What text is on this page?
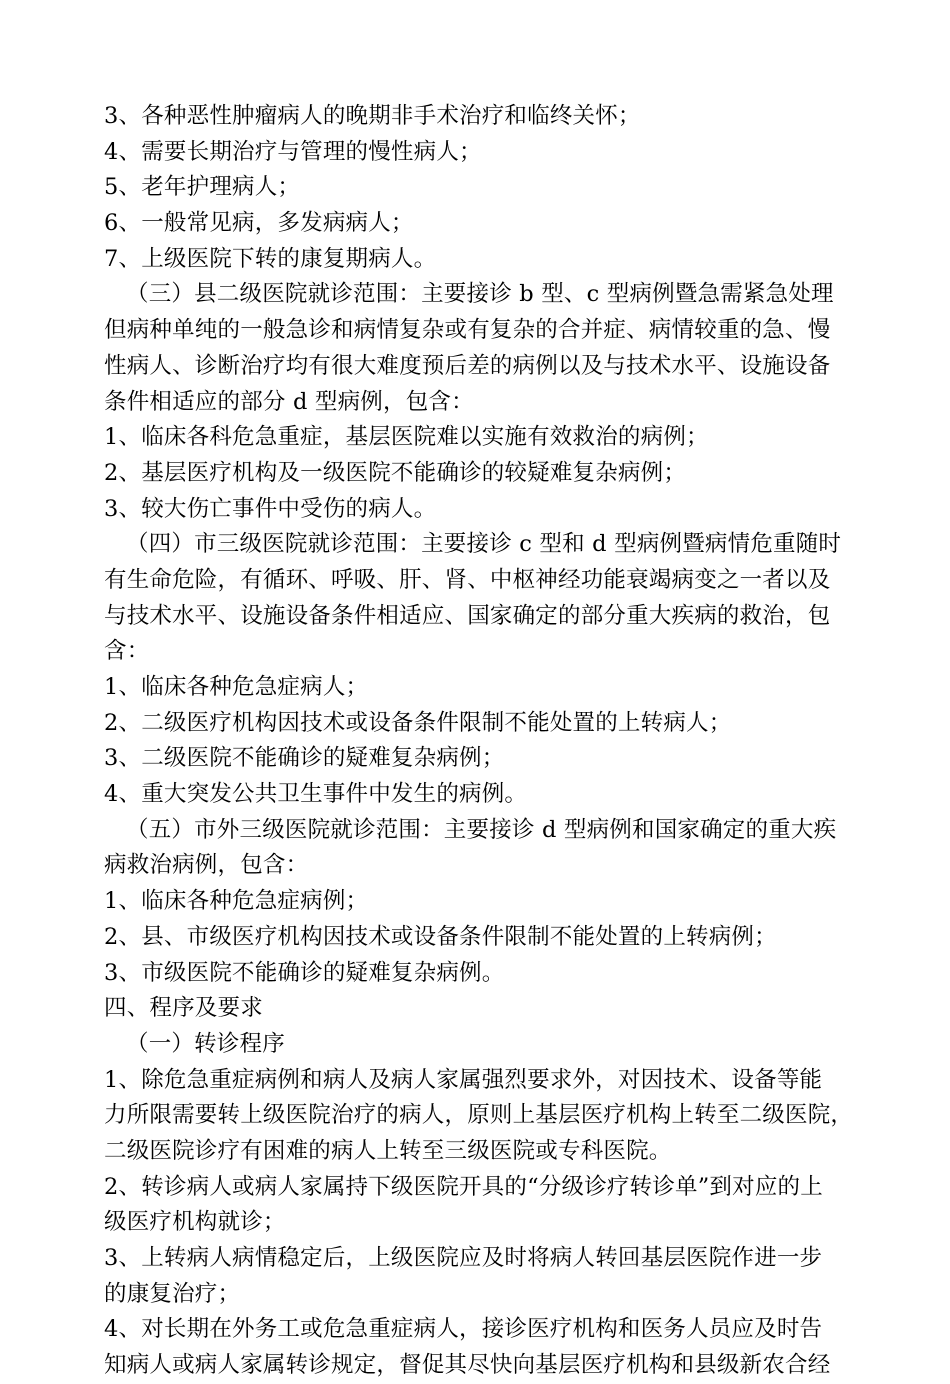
3、各种恶性肿瘤病人的晚期非手术治疗和临终关怀；
4、需要长期治疗与管理的慢性病人；
5、老年护理病人；
6、一般常见病，多发病病人；
7、上级医院下转的康复期病人。
（三）县二级医院就诊范围：主要接诊 b 型、c 型病例暨急需紧急处理
但病种单纯的一般急诊和病情复杂或有复杂的合并症、病情较重的急、慢
性病人、诊断治疗均有很大难度预后差的病例以及与技术水平、设施设备
条件相适应的部分 d 型病例，包含：
1、临床各科危急重症，基层医院难以实施有效救治的病例；
2、基层医疗机构及一级医院不能确诊的较疑难复杂病例；
3、较大伤亡事件中受伤的病人。
（四）市三级医院就诊范围：主要接诊 c 型和 d 型病例暨病情危重随时
有生命危险，有循环、呼吸、肝、肾、中枢神经功能衰竭病变之一者以及
与技术水平、设施设备条件相适应、国家确定的部分重大疾病的救治，包
含：
1、临床各种危急症病人；
2、二级医疗机构因技术或设备条件限制不能处置的上转病人；
3、二级医院不能确诊的疑难复杂病例；
4、重大突发公共卫生事件中发生的病例。
（五）市外三级医院就诊范围：主要接诊 d 型病例和国家确定的重大疾
病救治病例，包含：
1、临床各种危急症病例；
2、县、市级医疗机构因技术或设备条件限制不能处置的上转病例；
3、市级医院不能确诊的疑难复杂病例。
四、程序及要求
（一）转诊程序
1、除危急重症病例和病人及病人家属强烈要求外，对因技术、设备等能
力所限需要转上级医院治疗的病人，原则上基层医疗机构上转至二级医院，
二级医院诊疗有困难的病人上转至三级医院或专科医院。
2、转诊病人或病人家属持下级医院开具的“分级诊疗转诊单”到对应的上
级医疗机构就诊；
3、上转病人病情稳定后，上级医院应及时将病人转回基层医院作进一步
的康复治疗；
4、对长期在外务工或危急重症病人，接诊医疗机构和医务人员应及时告
知病人或病人家属转诊规定，督促其尽快向基层医疗机构和县级新农合经
